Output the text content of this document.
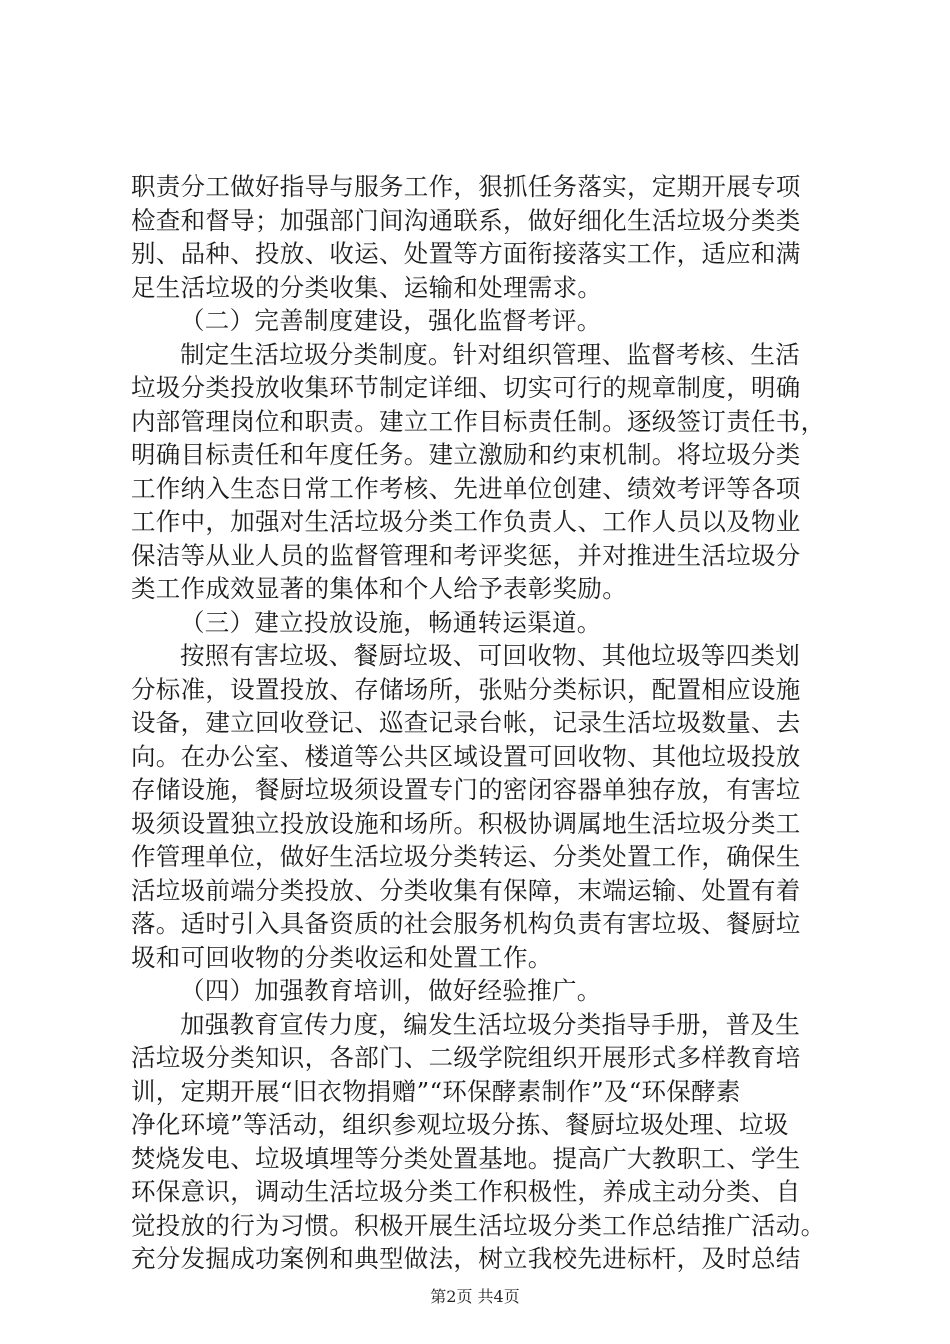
职责分工做好指导与服务工作，狠抓任务落实，定期开展专项
检查和督导；加强部门间沟通联系，做好细化生活垃圾分类类
别、品种、投放、收运、处置等方面衔接落实工作，适应和满
足生活垃圾的分类收集、运输和处理需求。
（二）完善制度建设，强化监督考评。
制定生活垃圾分类制度。针对组织管理、监督考核、生活
垃圾分类投放收集环节制定详细、切实可行的规章制度，明确
内部管理岗位和职责。建立工作目标责任制。逐级签订责任书，
明确目标责任和年度任务。建立激励和约束机制。将垃圾分类
工作纳入生态日常工作考核、先进单位创建、绩效考评等各项
工作中，加强对生活垃圾分类工作负责人、工作人员以及物业
保洁等从业人员的监督管理和考评奖惩，并对推进生活垃圾分
类工作成效显著的集体和个人给予表彰奖励。
（三）建立投放设施，畅通转运渠道。
按照有害垃圾、餐厨垃圾、可回收物、其他垃圾等四类划
分标准，设置投放、存储场所，张贴分类标识，配置相应设施
设备，建立回收登记、巡查记录台帐，记录生活垃圾数量、去
向。在办公室、楼道等公共区域设置可回收物、其他垃圾投放
存储设施，餐厨垃圾须设置专门的密闭容器单独存放，有害垃
圾须设置独立投放设施和场所。积极协调属地生活垃圾分类工
作管理单位，做好生活垃圾分类转运、分类处置工作，确保生
活垃圾前端分类投放、分类收集有保障，末端运输、处置有着
落。适时引入具备资质的社会服务机构负责有害垃圾、餐厨垃
圾和可回收物的分类收运和处置工作。
（四）加强教育培训，做好经验推广。
加强教育宣传力度，编发生活垃圾分类指导手册，普及生
活垃圾分类知识，各部门、二级学院组织开展形式多样教育培
训，定期开展“旧衣物捐赠”“环保酵素制作”及“环保酵素
净化环境”等活动，组织参观垃圾分拣、餐厨垃圾处理、垃圾
焚烧发电、垃圾填埋等分类处置基地。提高广大教职工、学生
环保意识，调动生活垃圾分类工作积极性，养成主动分类、自
觉投放的行为习惯。积极开展生活垃圾分类工作总结推广活动。
充分发掘成功案例和典型做法，树立我校先进标杆，及时总结
第2页 共4页
